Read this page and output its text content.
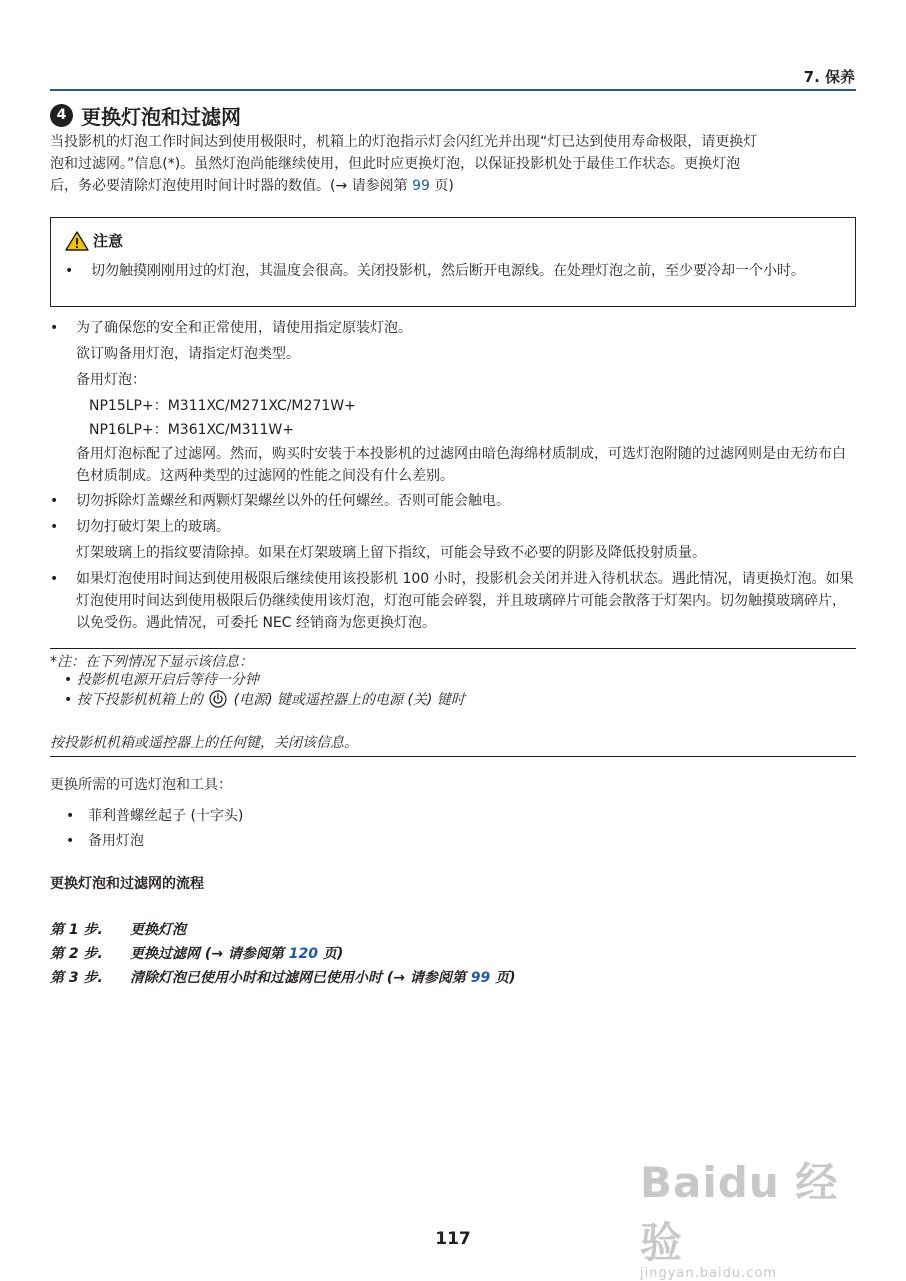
7. 保养
4 更换灯泡和过滤网
当投影机的灯泡工作时间达到使用极限时，机箱上的灯泡指示灯会闪红光并出现“灯已达到使用寿命极限，请更换灯
泡和过滤网。”信息(*)。虽然灯泡尚能继续使用，但此时应更换灯泡，以保证投影机处于最佳工作状态。更换灯泡
后，务必要清除灯泡使用时间计时器的数值。(→ 请参阅第 99 页)
注意
•	切勿触摸刚刚用过的灯泡，其温度会很高。关闭投影机，然后断开电源线。在处理灯泡之前，至少要冷却一个小时。
•	为了确保您的安全和正常使用，请使用指定原装灯泡。
欲订购备用灯泡，请指定灯泡类型。
备用灯泡：
NP15LP+：M311XC/M271XC/M271W+
NP16LP+：M361XC/M311W+
备用灯泡标配了过滤网。然而，购买时安装于本投影机的过滤网由暗色海绵材质制成，可选灯泡附随的过滤网则是由无纺布白色材质制成。这两种类型的过滤网的性能之间没有什么差别。
•	切勿拆除灯盖螺丝和两颗灯架螺丝以外的任何螺丝。否则可能会触电。
•	切勿打破灯架上的玻璃。
灯架玻璃上的指纹要清除掉。如果在灯架玻璃上留下指纹，可能会导致不必要的阴影及降低投射质量。
•	如果灯泡使用时间达到使用极限后继续使用该投影机 100 小时，投影机会关闭并进入待机状态。遇此情况，请更换灯泡。如果灯泡使用时间达到使用极限后仍继续使用该灯泡，灯泡可能会碎裂，并且玻璃碎片可能会散落于灯架内。切勿触摸玻璃碎片，以免受伤。遇此情况，可委托 NEC 经销商为您更换灯泡。
*注：在下列情况下显示该信息：
• 投影机电源开启后等待一分钟
• 按下投影机机箱上的 (电源) 键或遥控器上的电源 (关) 键时
按投影机机箱或遥控器上的任何键，关闭该信息。
更换所需的可选灯泡和工具：
• 菲利普螺丝起子 (十字头)
• 备用灯泡
更换灯泡和过滤网的流程
第 1 步. 更换灯泡
第 2 步. 更换过滤网 (→ 请参阅第 120 页)
第 3 步. 清除灯泡已使用小时和过滤网已使用小时 (→ 请参阅第 99 页)
Baidu 经验
jingyan.baidu.com
117
